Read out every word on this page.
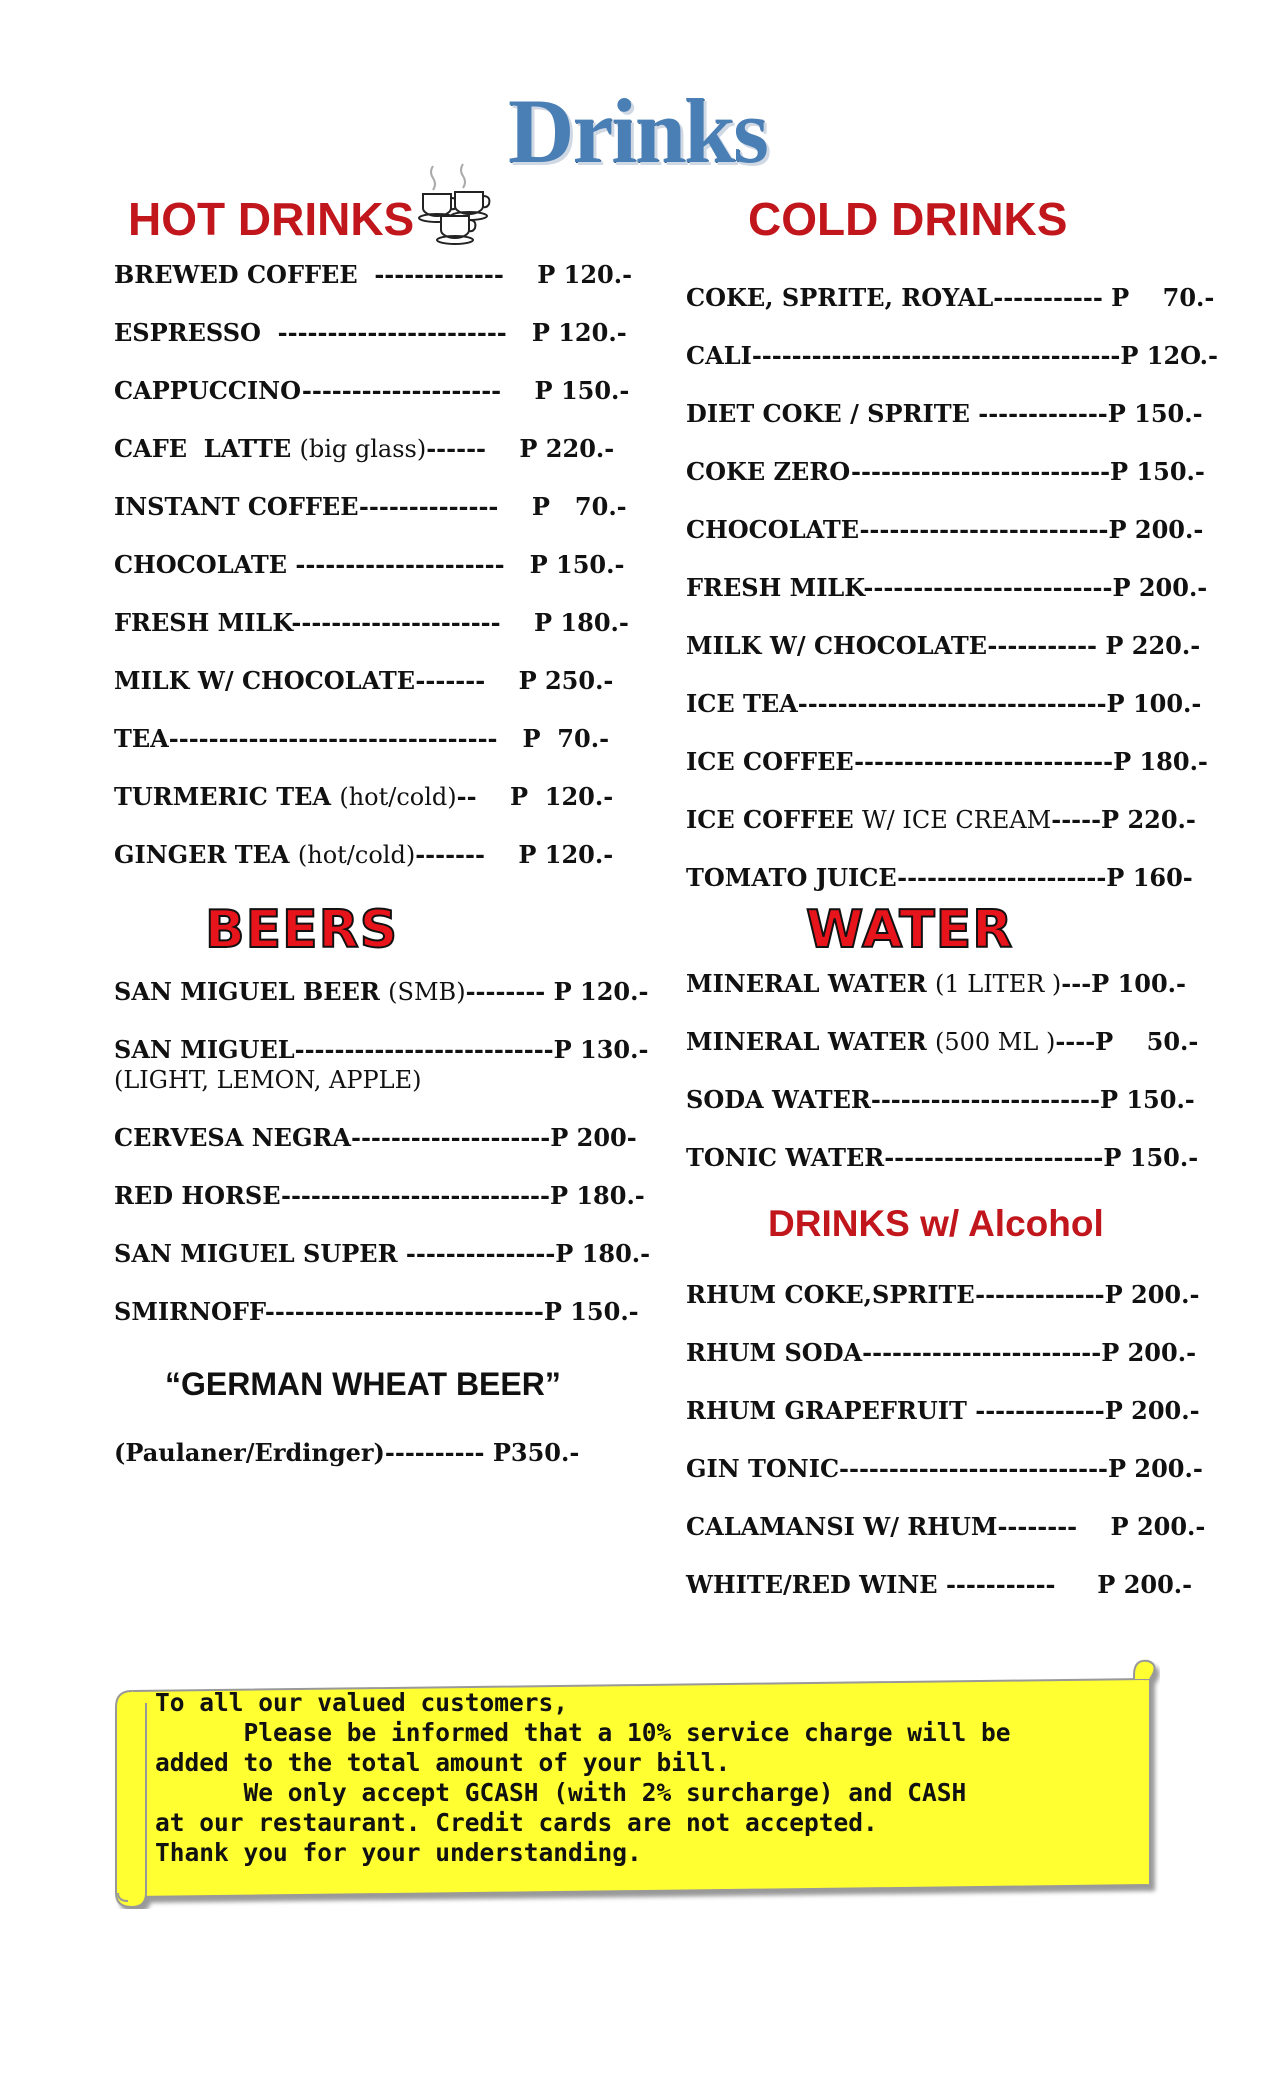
Drinks
HOT DRINKS
BREWED COFFEE  -------------    P 120.-
ESPRESSO  -----------------------   P 120.-
CAPPUCCINO--------------------    P 150.-
CAFE  LATTE (big glass)------    P 220.-
INSTANT COFFEE--------------    P   70.-
CHOCOLATE ---------------------   P 150.-
FRESH MILK---------------------    P 180.-
MILK W/ CHOCOLATE-------    P 250.-
TEA---------------------------------   P  70.-
TURMERIC TEA (hot/cold)--    P  120.-
GINGER TEA (hot/cold)-------    P 120.-
COLD DRINKS
COKE, SPRITE, ROYAL----------- P    70.-
CALI-------------------------------------P 12O.-
DIET COKE / SPRITE -------------P 150.-
COKE ZERO--------------------------P 150.-
CHOCOLATE-------------------------P 200.-
FRESH MILK-------------------------P 200.-
MILK W/ CHOCOLATE----------- P 220.-
ICE TEA-------------------------------P 100.-
ICE COFFEE--------------------------P 180.-
ICE COFFEE W/ ICE CREAM-----P 220.-
TOMATO JUICE---------------------P 160-
BEERS
SAN MIGUEL BEER (SMB)-------- P 120.-
SAN MIGUEL--------------------------P 130.-
(LIGHT, LEMON, APPLE)
CERVESA NEGRA--------------------P 200-
RED HORSE---------------------------P 180.-
SAN MIGUEL SUPER ---------------P 180.-
SMIRNOFF----------------------------P 150.-
“GERMAN WHEAT BEER”
(Paulaner/Erdinger)---------- P350.-
WATER
MINERAL WATER (1 LITER )---P 100.-
MINERAL WATER (500 ML )----P    50.-
SODA WATER-----------------------P 150.-
TONIC WATER----------------------P 150.-
DRINKS w/ Alcohol
RHUM COKE,SPRITE-------------P 200.-
RHUM SODA------------------------P 200.-
RHUM GRAPEFRUIT -------------P 200.-
GIN TONIC---------------------------P 200.-
CALAMANSI W/ RHUM--------    P 200.-
WHITE/RED WINE -----------     P 200.-
To all our valued customers,
Please be informed that a 10% service charge will be
added to the total amount of your bill.
We only accept GCASH (with 2% surcharge) and CASH
at our restaurant. Credit cards are not accepted.
Thank you for your understanding.
